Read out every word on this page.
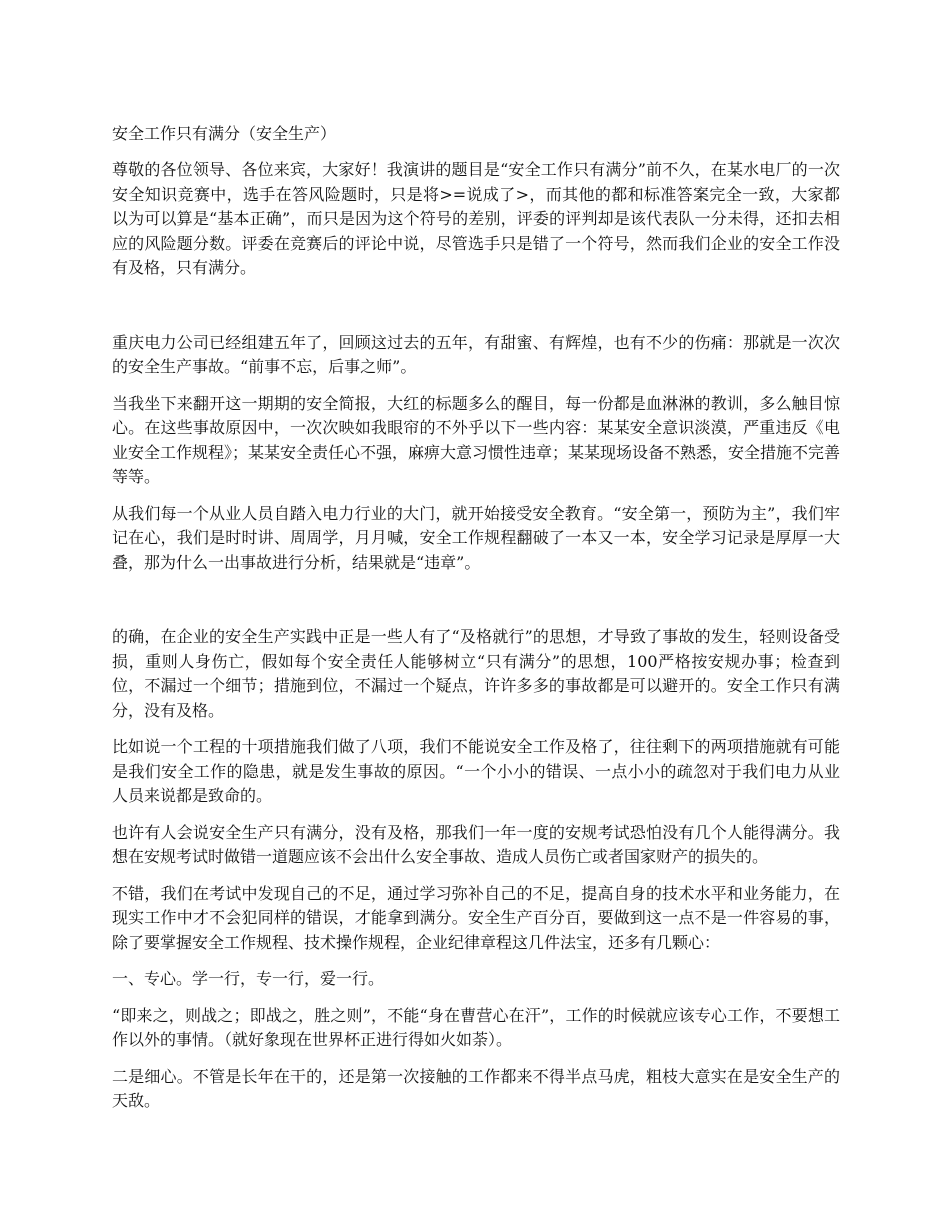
安全工作只有满分（安全生产）

尊敬的各位领导、各位来宾，大家好！我演讲的题目是“安全工作只有满分”前不久，在某水电厂的一次安全知识竞赛中，选手在答风险题时，只是将>=说成了>，而其他的都和标准答案完全一致，大家都以为可以算是“基本正确”，而只是因为这个符号的差别，评委的评判却是该代表队一分未得，还扣去相应的风险题分数。评委在竞赛后的评论中说，尽管选手只是错了一个符号，然而我们企业的安全工作没有及格，只有满分。

重庆电力公司已经组建五年了，回顾这过去的五年，有甜蜜、有辉煌，也有不少的伤痛：那就是一次次的安全生产事故。“前事不忘，后事之师”。

当我坐下来翻开这一期期的安全简报，大红的标题多么的醒目，每一份都是血淋淋的教训，多么触目惊心。在这些事故原因中，一次次映如我眼帘的不外乎以下一些内容：某某安全意识淡漠，严重违反《电业安全工作规程》；某某安全责任心不强，麻痹大意习惯性违章；某某现场设备不熟悉，安全措施不完善等等。

从我们每一个从业人员自踏入电力行业的大门，就开始接受安全教育。“安全第一，预防为主”，我们牢记在心，我们是时时讲、周周学，月月喊，安全工作规程翻破了一本又一本，安全学习记录是厚厚一大叠，那为什么一出事故进行分析，结果就是“违章”。

的确，在企业的安全生产实践中正是一些人有了“及格就行”的思想，才导致了事故的发生，轻则设备受损，重则人身伤亡，假如每个安全责任人能够树立“只有满分”的思想，100严格按安规办事；检查到位，不漏过一个细节；措施到位，不漏过一个疑点，许许多多的事故都是可以避开的。安全工作只有满分，没有及格。

比如说一个工程的十项措施我们做了八项，我们不能说安全工作及格了，往往剩下的两项措施就有可能是我们安全工作的隐患，就是发生事故的原因。“一个小小的错误、一点小小的疏忽对于我们电力从业人员来说都是致命的。

也许有人会说安全生产只有满分，没有及格，那我们一年一度的安规考试恐怕没有几个人能得满分。我想在安规考试时做错一道题应该不会出什么安全事故、造成人员伤亡或者国家财产的损失的。

不错，我们在考试中发现自己的不足，通过学习弥补自己的不足，提高自身的技术水平和业务能力，在现实工作中才不会犯同样的错误，才能拿到满分。安全生产百分百，要做到这一点不是一件容易的事，除了要掌握安全工作规程、技术操作规程，企业纪律章程这几件法宝，还多有几颗心：

一、专心。学一行，专一行，爱一行。

“即来之，则战之；即战之，胜之则”，不能“身在曹营心在汗”，工作的时候就应该专心工作，不要想工作以外的事情。（就好象现在世界杯正进行得如火如荼）。

二是细心。不管是长年在干的，还是第一次接触的工作都来不得半点马虎，粗枝大意实在是安全生产的天敌。
